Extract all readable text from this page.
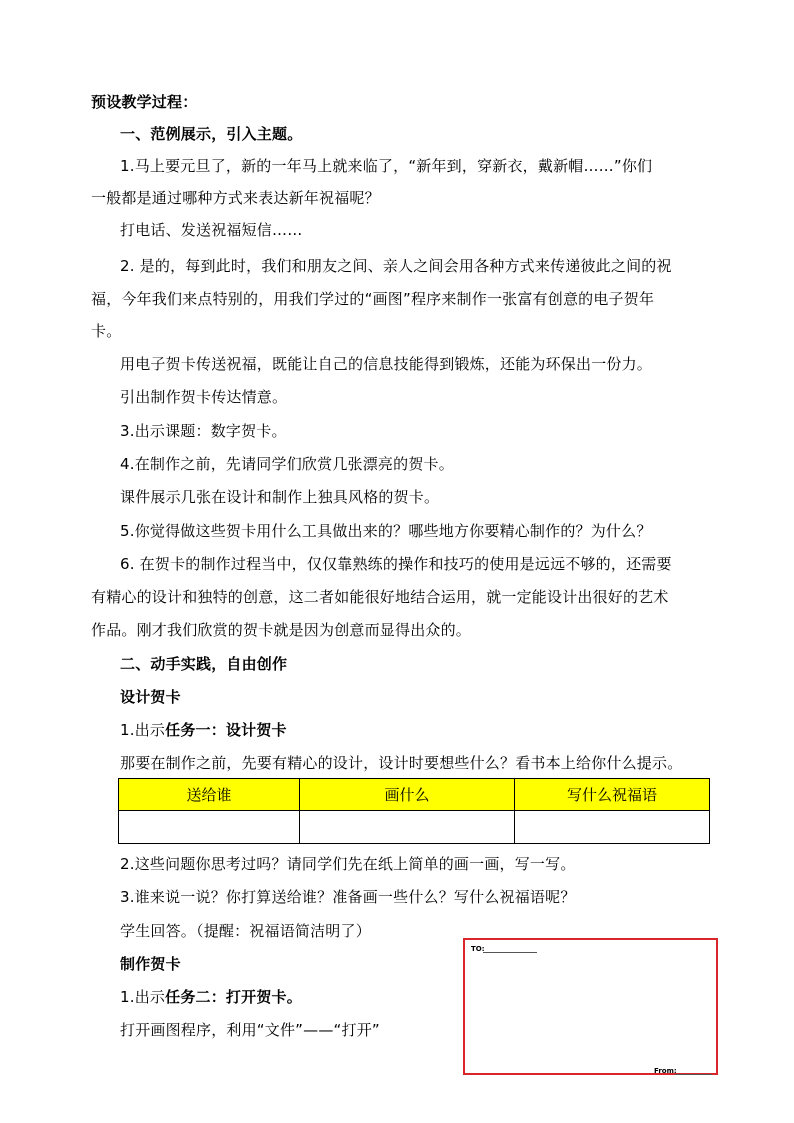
预设教学过程：
一、范例展示，引入主题。
1.马上要元旦了，新的一年马上就来临了，“新年到，穿新衣，戴新帽……”你们
一般都是通过哪种方式来表达新年祝福呢？
打电话、发送祝福短信……
2. 是的，每到此时，我们和朋友之间、亲人之间会用各种方式来传递彼此之间的祝
福，今年我们来点特别的，用我们学过的“画图”程序来制作一张富有创意的电子贺年
卡。
用电子贺卡传送祝福，既能让自己的信息技能得到锻炼，还能为环保出一份力。
引出制作贺卡传达情意。
3.出示课题：数字贺卡。
4.在制作之前，先请同学们欣赏几张漂亮的贺卡。
课件展示几张在设计和制作上独具风格的贺卡。
5.你觉得做这些贺卡用什么工具做出来的？哪些地方你要精心制作的？为什么？
6. 在贺卡的制作过程当中，仅仅靠熟练的操作和技巧的使用是远远不够的，还需要
有精心的设计和独特的创意，这二者如能很好地结合运用，就一定能设计出很好的艺术
作品。刚才我们欣赏的贺卡就是因为创意而显得出众的。
二、动手实践，自由创作
设计贺卡
1.出示任务一：设计贺卡
那要在制作之前，先要有精心的设计，设计时要想些什么？看书本上给你什么提示。
送给谁	画什么	写什么祝福语

2.这些问题你思考过吗？请同学们先在纸上简单的画一画，写一写。
3.谁来说一说？你打算送给谁？准备画一些什么？写什么祝福语呢？
学生回答。（提醒：祝福语简洁明了）
制作贺卡
1.出示任务二：打开贺卡。
打开画图程序，利用“文件”——“打开”
TO:
From:
